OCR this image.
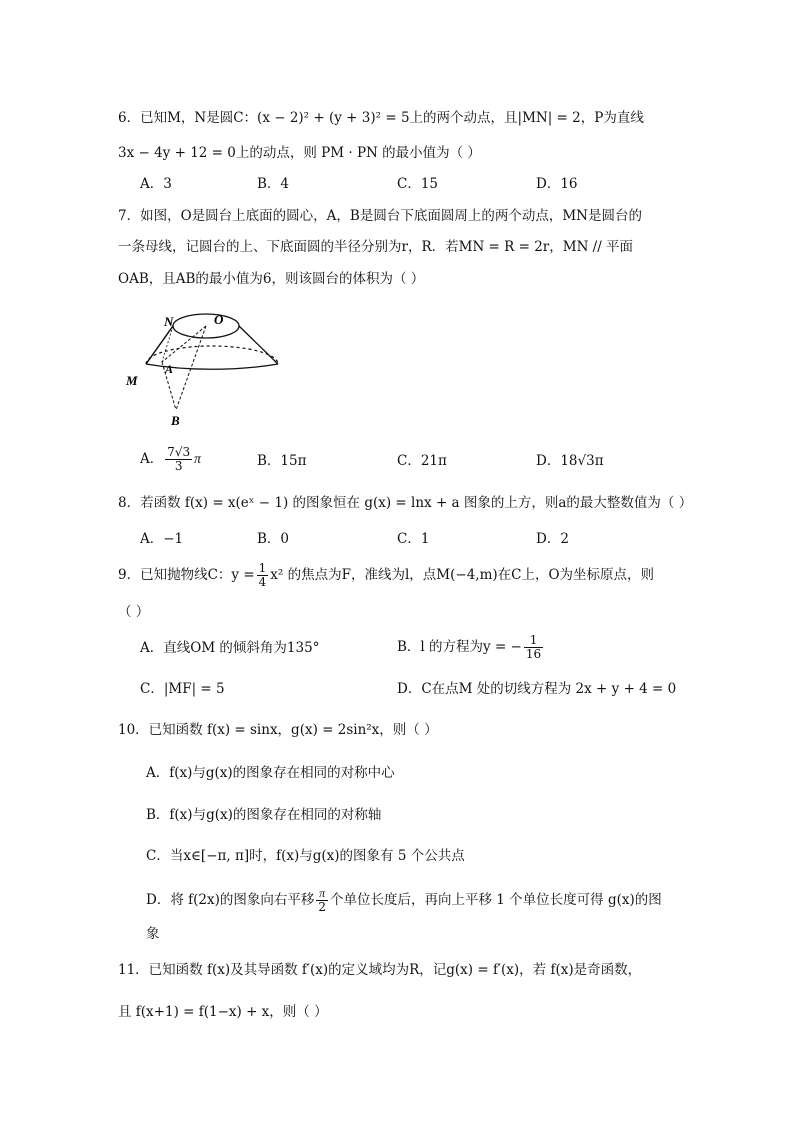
6．已知M，N是圆C：(x − 2)² + (y + 3)² = 5上的两个动点，且|MN| = 2，P为直线
3x − 4y + 12 = 0上的动点，则 PM · PN 的最小值为（ ）
A．3	B．4	C．15	D．16
7．如图，O是圆台上底面的圆心，A，B是圆台下底面圆周上的两个动点，MN是圆台的
一条母线，记圆台的上、下底面圆的半径分别为r，R．若MN = R = 2r，MN // 平面
OAB，且AB的最小值为6，则该圆台的体积为（ ）
N	O
A
M
B
A． $\frac{7√3}{3}$ π	B．15π	C．21π	D．18√3π
8．若函数 f(x) = x(eˣ − 1) 的图象恒在 g(x) = lnx + a 图象的上方，则a的最大整数值为（ ）
A．−1	B．0	C．1	D．2
9．已知抛物线C：$y = \frac{1}{4} x^2$ 的焦点为F，准线为l，点M(−4,m)在C上，O为坐标原点，则
（ ）
A．直线OM 的倾斜角为135°	B．l 的方程为y = − $\frac{1}{16}$
C．|MF| = 5	D．C在点M 处的切线方程为 2x + y + 4 = 0
10．已知函数 f(x) = sinx，g(x) = 2sin²x，则（ ）
A．f(x)与g(x)的图象存在相同的对称中心
B．f(x)与g(x)的图象存在相同的对称轴
C．当x∈[−π, π]时，f(x)与g(x)的图象有 5 个公共点
D．将 f(2x)的图象向右平移 $\frac{\pi}{2}$ 个单位长度后，再向上平移 1 个单位长度可得 g(x)的图
象
11．已知函数 f(x)及其导函数 f′(x)的定义域均为R，记g(x) = f′(x)，若 f(x)是奇函数，
且 f(x+1) = f(1−x) + x，则（ ）
